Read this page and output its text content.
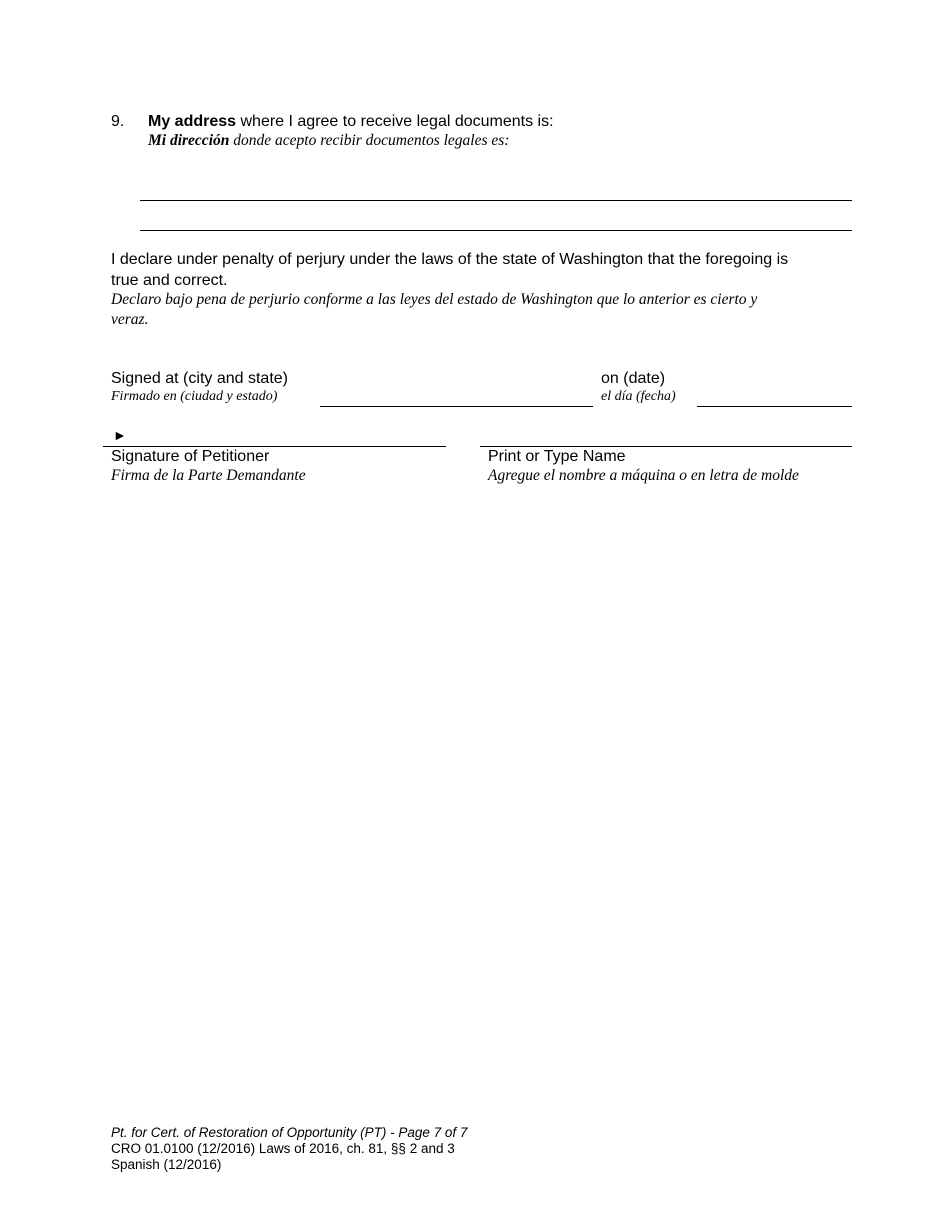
9. My address where I agree to receive legal documents is:
Mi dirección donde acepto recibir documentos legales es:
I declare under penalty of perjury under the laws of the state of Washington that the foregoing is
true and correct.
Declaro bajo pena de perjurio conforme a las leyes del estado de Washington que lo anterior es cierto y
veraz.
Signed at (city and state)
Firmado en (ciudad y estado)
on (date)
el día (fecha)
►
Signature of Petitioner
Firma de la Parte Demandante
Print or Type Name
Agregue el nombre a máquina o en letra de molde
Pt. for Cert. of Restoration of Opportunity (PT) - Page 7 of 7
CRO 01.0100 (12/2016) Laws of 2016, ch. 81, §§ 2 and 3
Spanish (12/2016)
